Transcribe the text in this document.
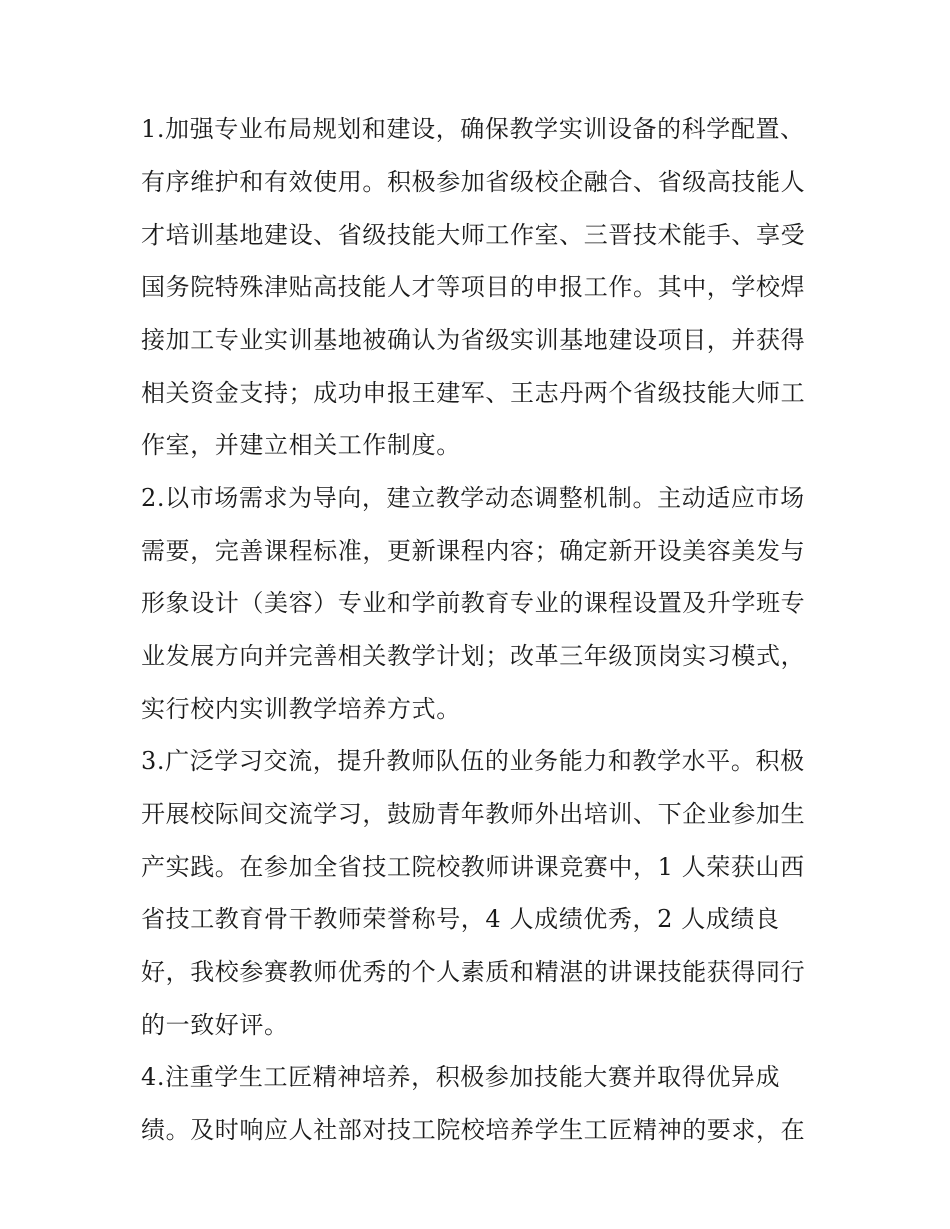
1.加强专业布局规划和建设，确保教学实训设备的科学配置、
有序维护和有效使用。积极参加省级校企融合、省级高技能人
才培训基地建设、省级技能大师工作室、三晋技术能手、享受
国务院特殊津贴高技能人才等项目的申报工作。其中，学校焊
接加工专业实训基地被确认为省级实训基地建设项目，并获得
相关资金支持；成功申报王建军、王志丹两个省级技能大师工
作室，并建立相关工作制度。
2.以市场需求为导向，建立教学动态调整机制。主动适应市场
需要，完善课程标准，更新课程内容；确定新开设美容美发与
形象设计（美容）专业和学前教育专业的课程设置及升学班专
业发展方向并完善相关教学计划；改革三年级顶岗实习模式，
实行校内实训教学培养方式。
3.广泛学习交流，提升教师队伍的业务能力和教学水平。积极
开展校际间交流学习，鼓励青年教师外出培训、下企业参加生
产实践。在参加全省技工院校教师讲课竞赛中，1 人荣获山西
省技工教育骨干教师荣誉称号，4 人成绩优秀，2 人成绩良
好，我校参赛教师优秀的个人素质和精湛的讲课技能获得同行
的一致好评。
4.注重学生工匠精神培养，积极参加技能大赛并取得优异成
绩。及时响应人社部对技工院校培养学生工匠精神的要求，在
